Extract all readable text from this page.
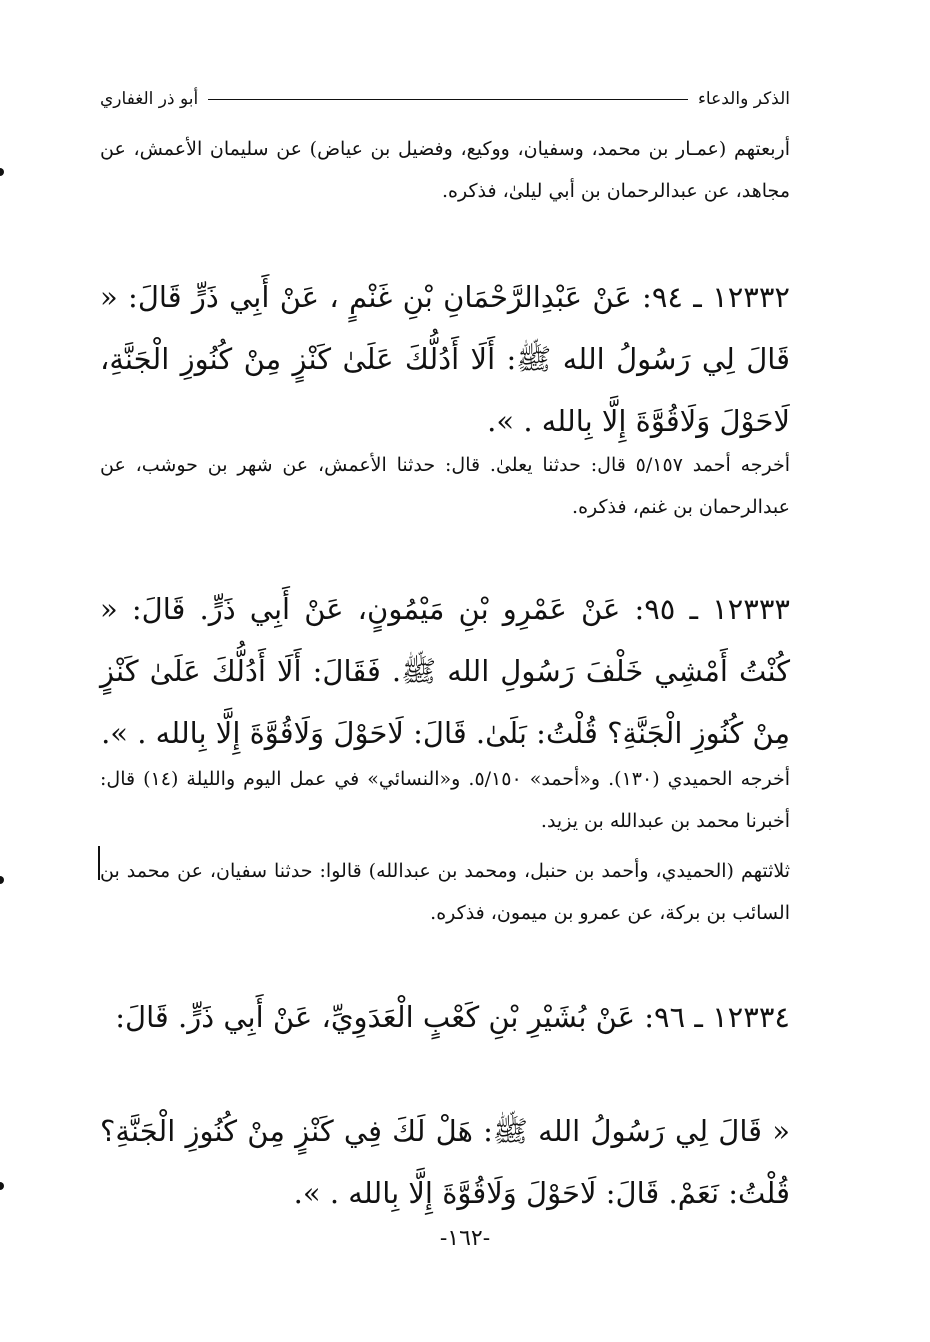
الذكر والدعاء
أبو ذر الغفاري
أربعتهم (عمـار بن محمد، وسفيان، ووكيع، وفضيل بن عياض) عن سليمان الأعمش، عن مجاهد، عن عبدالرحمان بن أبي ليلىٰ، فذكره.
١٢٣٣٢ ـ ٩٤: عَنْ عَبْدِالرَّحْمَانِ بْنِ غَنْمٍ ، عَنْ أَبِي ذَرٍّ قَالَ: « قَالَ لِي رَسُولُ الله ﷺ: أَلَا أَدُلُّكَ عَلَىٰ كَنْزٍ مِنْ كُنُوزِ الْجَنَّةِ، لَاحَوْلَ وَلَاقُوَّةَ إِلَّا بِالله . ».
أخرجه أحمد ٥/١٥٧ قال: حدثنا يعلىٰ. قال: حدثنا الأعمش، عن شهر بن حوشب، عن عبدالرحمان بن غنم، فذكره.
١٢٣٣٣ ـ ٩٥: عَنْ عَمْرِو بْنِ مَيْمُونٍ، عَنْ أَبِي ذَرٍّ. قَالَ: « كُنْتُ أَمْشِي خَلْفَ رَسُولِ الله ﷺ. فَقَالَ: أَلَا أَدُلُّكَ عَلَىٰ كَنْزٍ مِنْ كُنُوزِ الْجَنَّةِ؟ قُلْتُ: بَلَىٰ. قَالَ: لَاحَوْلَ وَلَاقُوَّةَ إِلَّا بِالله . ».
أخرجه الحميدي (١٣٠). و«أحمد» ٥/١٥٠. و«النسائي» في عمل اليوم والليلة (١٤) قال: أخبرنا محمد بن عبدالله بن يزيد.
ثلاثتهم (الحميدي، وأحمد بن حنبل، ومحمد بن عبدالله) قالوا: حدثنا سفيان، عن محمد بن السائب بن بركة، عن عمرو بن ميمون، فذكره.
١٢٣٣٤ ـ ٩٦: عَنْ بُشَيْرِ بْنِ كَعْبٍ الْعَدَوِيِّ، عَنْ أَبِي ذَرٍّ. قَالَ:
« قَالَ لِي رَسُولُ الله ﷺ: هَلْ لَكَ فِي كَنْزٍ مِنْ كُنُوزِ الْجَنَّةِ؟ قُلْتُ: نَعَمْ. قَالَ: لَاحَوْلَ وَلَاقُوَّةَ إِلَّا بِالله . ».
-١٦٢-
